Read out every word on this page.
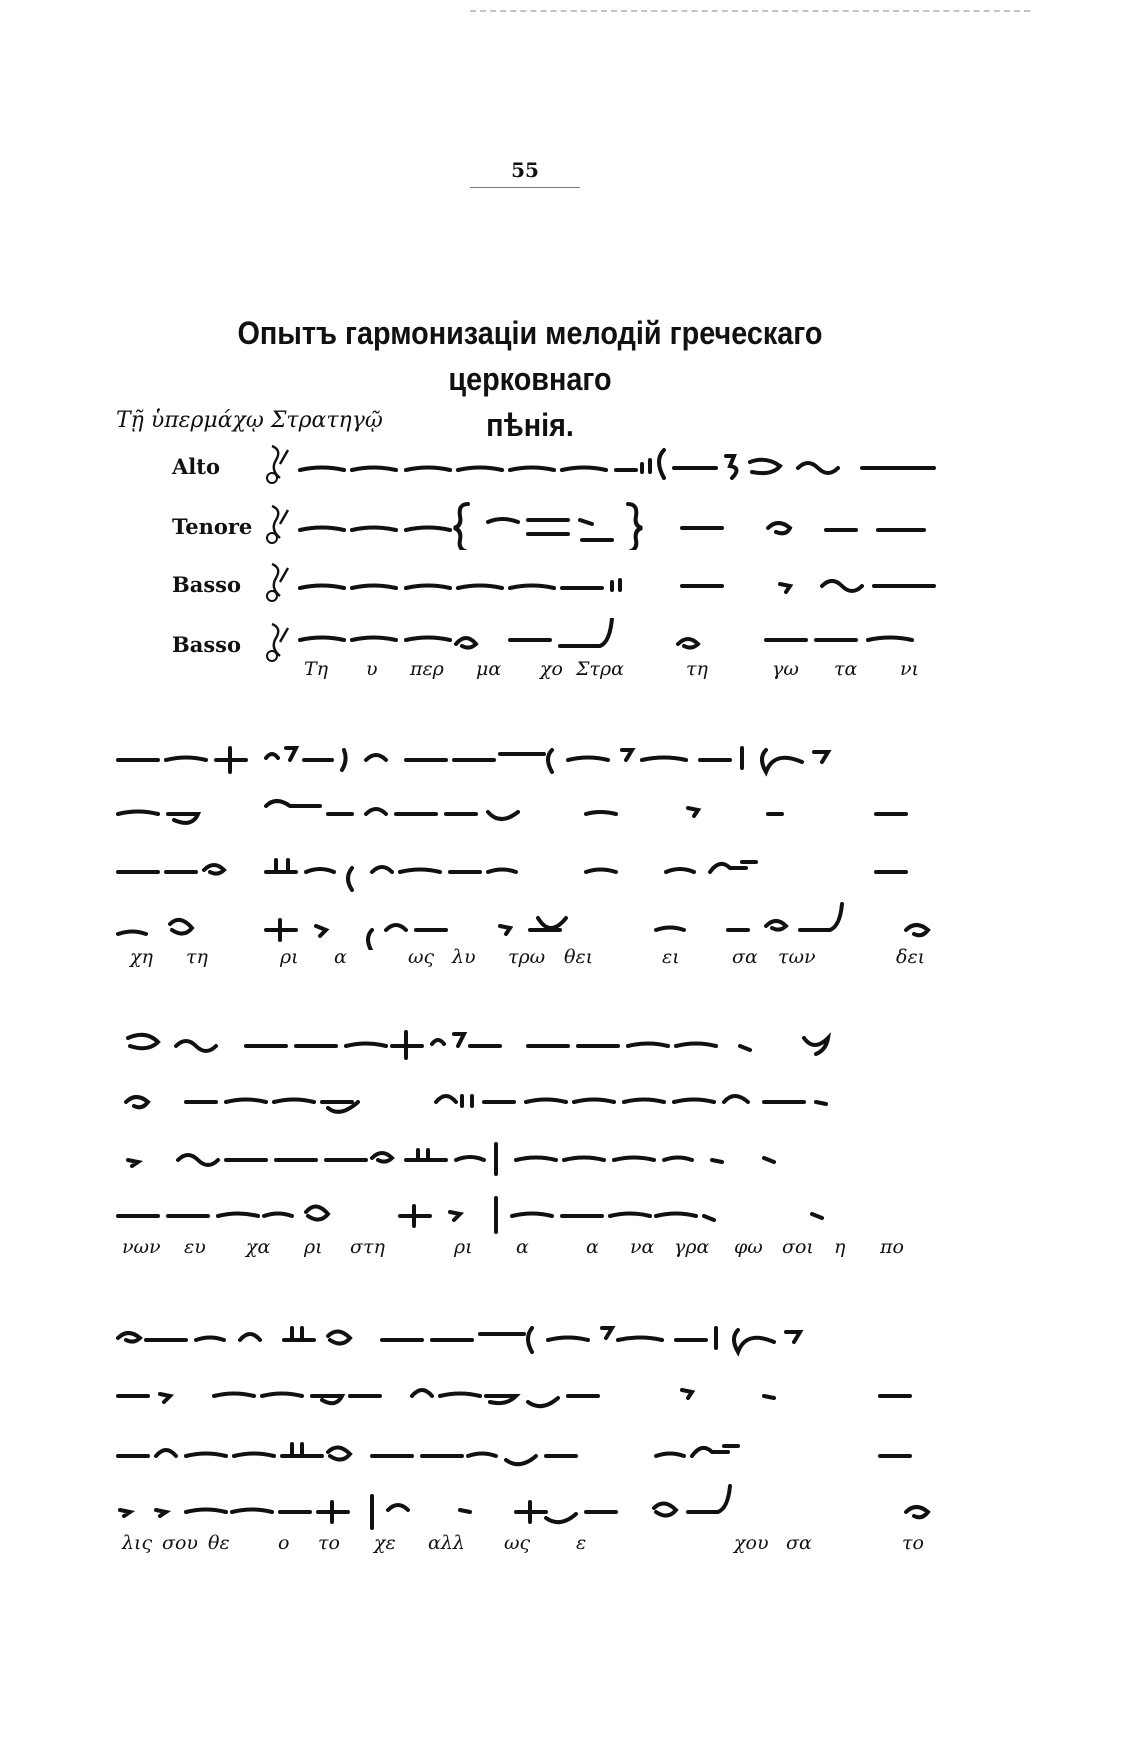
55
Опытъ гармонизаціи мелодій греческаго церковнаго
пѣнія.
Τῇ ὑπερμάχῳ Στρατηγῷ
Alto
Tenore
Basso
Basso
Τη υ περ μα χο Στρα	τη	γω τα νι
χη τη	ρι α	ως λυ τρω θει	ει	σα των	δει
νων ευ χα ρι στη	ρι α	α να γρα φω σοι η πο
λις σου θε	ο το χε αλλ ως ε	χου σα	το
